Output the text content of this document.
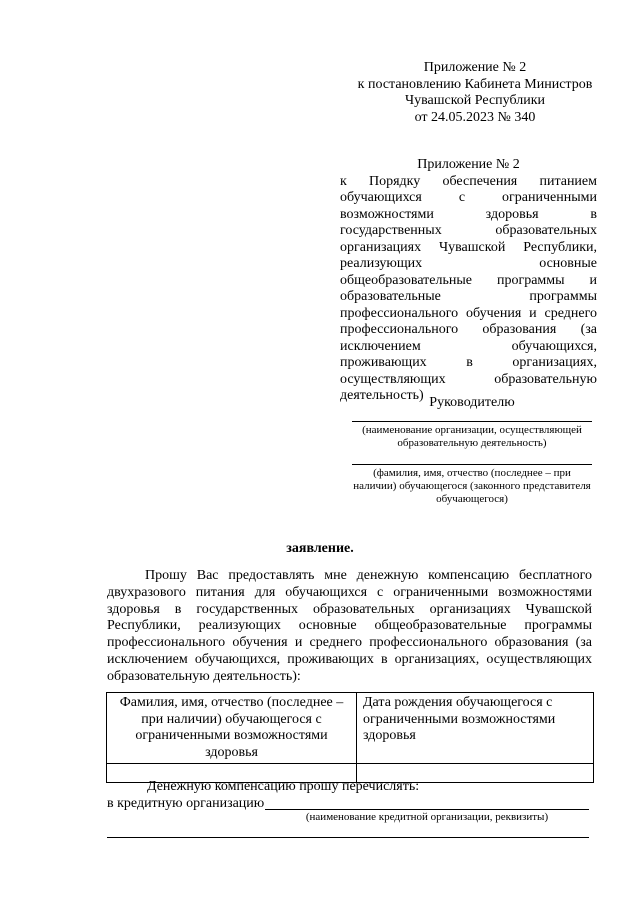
Приложение № 2
к постановлению Кабинета Министров
Чувашской Республики
от 24.05.2023 № 340
Приложение № 2
к Порядку обеспечения питанием обучающихся с ограниченными возможностями здоровья в государственных образовательных организациях Чувашской Республики, реализующих основные общеобразовательные программы и образовательные программы профессионального обучения и среднего профессионального образования (за исключением обучающихся, проживающих в организациях, осуществляющих образовательную деятельность) Руководителю
(наименование организации, осуществляющей образовательную деятельность)
(фамилия, имя, отчество (последнее – при наличии) обучающегося (законного представителя обучающегося)
заявление.
Прошу Вас предоставлять мне денежную компенсацию бесплатного двухразового питания для обучающихся с ограниченными возможностями здоровья в государственных образовательных организациях Чувашской Республики, реализующих основные общеобразовательные программы профессионального обучения и среднего профессионального образования (за исключением обучающихся, проживающих в организациях, осуществляющих образовательную деятельность):
Фамилия, имя, отчество (последнее – при наличии) обучающегося с ограниченными возможностями здоровья	Дата рождения обучающегося с ограниченными возможностями здоровья

Денежную компенсацию прошу перечислять:
в кредитную организацию
(наименование кредитной организации, реквизиты)
